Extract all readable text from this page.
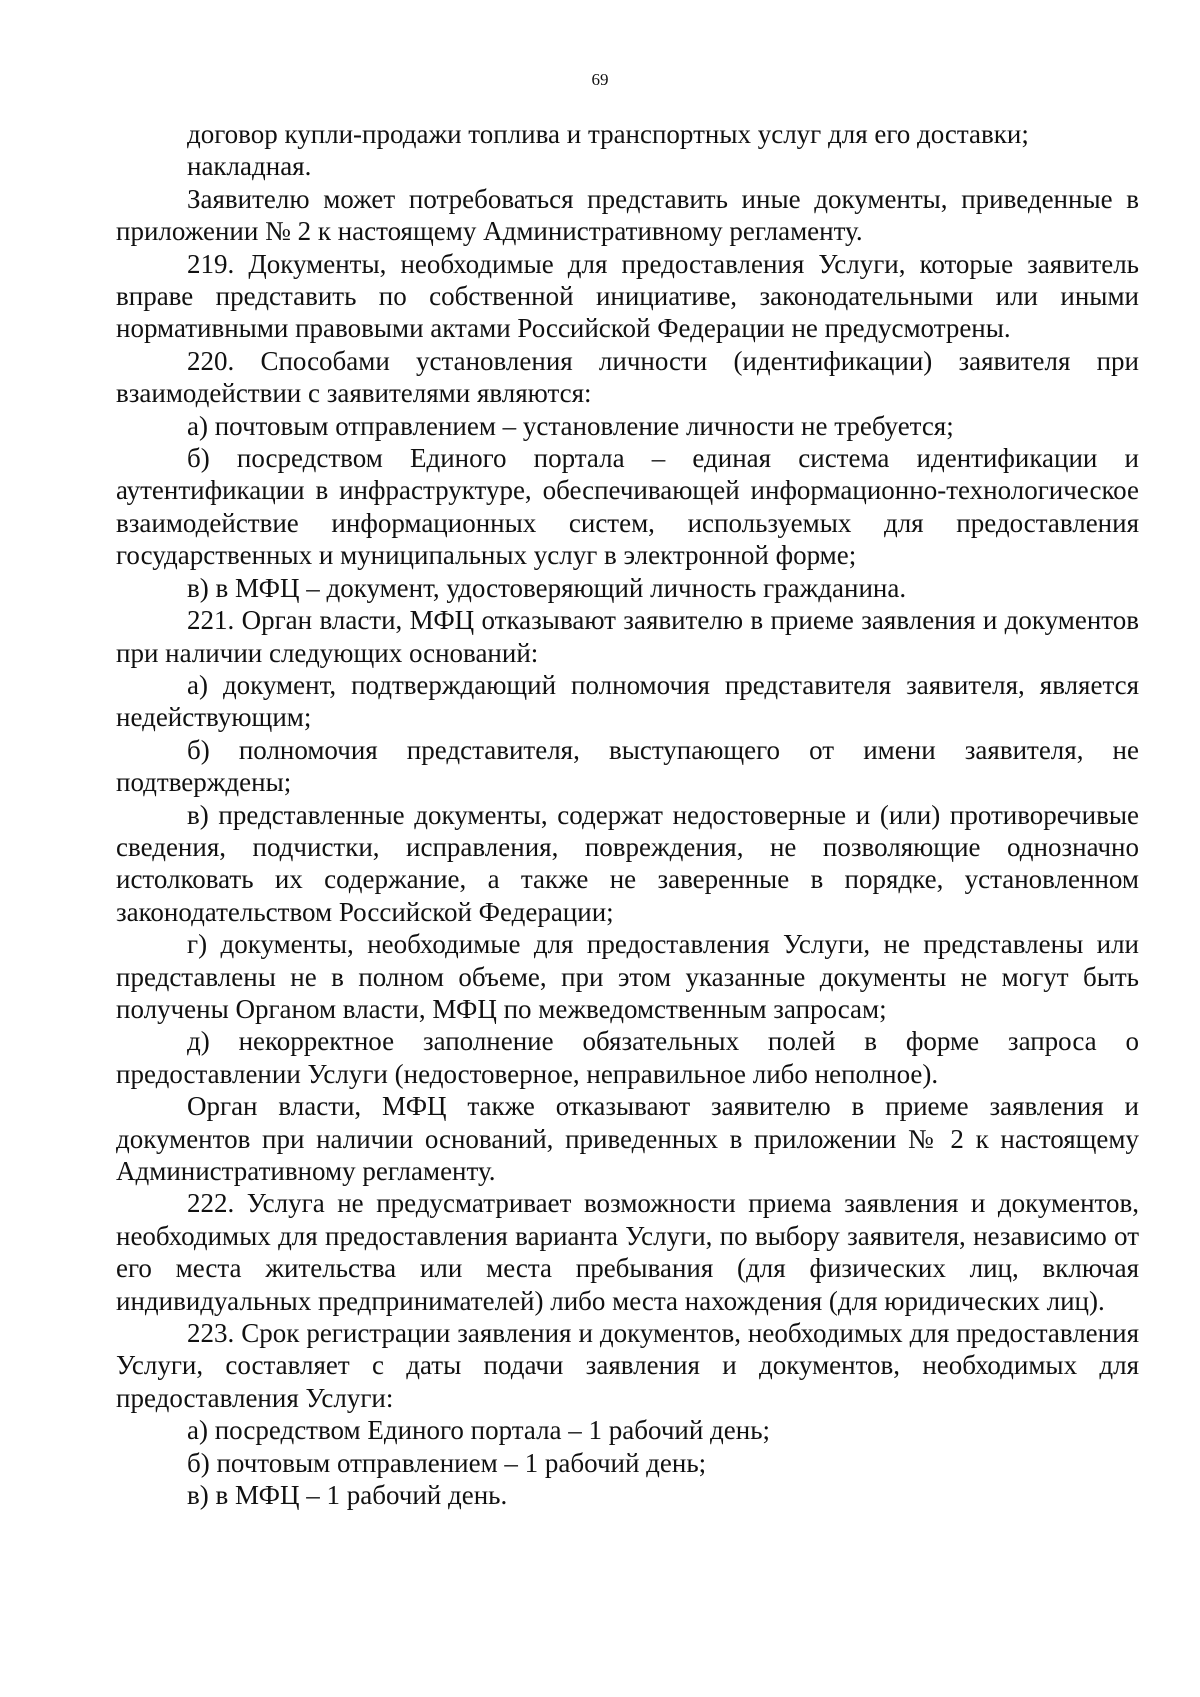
69

договор купли-продажи топлива и транспортных услуг для его доставки;

накладная.

Заявителю может потребоваться представить иные документы, приведенные в приложении № 2 к настоящему Административному регламенту.

219. Документы, необходимые для предоставления Услуги, которые заявитель вправе представить по собственной инициативе, законодательными или иными нормативными правовыми актами Российской Федерации не предусмотрены.

220. Способами установления личности (идентификации) заявителя при взаимодействии с заявителями являются:

а) почтовым отправлением – установление личности не требуется;

б) посредством Единого портала – единая система идентификации и аутентификации в инфраструктуре, обеспечивающей информационно-технологическое взаимодействие информационных систем, используемых для предоставления государственных и муниципальных услуг в электронной форме;

в) в МФЦ – документ, удостоверяющий личность гражданина.

221. Орган власти, МФЦ отказывают заявителю в приеме заявления и документов при наличии следующих оснований:

а) документ, подтверждающий полномочия представителя заявителя, является недействующим;

б) полномочия представителя, выступающего от имени заявителя, не подтверждены;

в) представленные документы, содержат недостоверные и (или) противоречивые сведения, подчистки, исправления, повреждения, не позволяющие однозначно истолковать их содержание, а также не заверенные в порядке, установленном законодательством Российской Федерации;

г) документы, необходимые для предоставления Услуги, не представлены или представлены не в полном объеме, при этом указанные документы не могут быть получены Органом власти, МФЦ по межведомственным запросам;

д) некорректное заполнение обязательных полей в форме запроса о предоставлении Услуги (недостоверное, неправильное либо неполное).

Орган власти, МФЦ также отказывают заявителю в приеме заявления и документов при наличии оснований, приведенных в приложении № 2 к настоящему Административному регламенту.

222. Услуга не предусматривает возможности приема заявления и документов, необходимых для предоставления варианта Услуги, по выбору заявителя, независимо от его места жительства или места пребывания (для физических лиц, включая индивидуальных предпринимателей) либо места нахождения (для юридических лиц).

223. Срок регистрации заявления и документов, необходимых для предоставления Услуги, составляет с даты подачи заявления и документов, необходимых для предоставления Услуги:

а) посредством Единого портала – 1 рабочий день;

б) почтовым отправлением – 1 рабочий день;

в) в МФЦ – 1 рабочий день.
